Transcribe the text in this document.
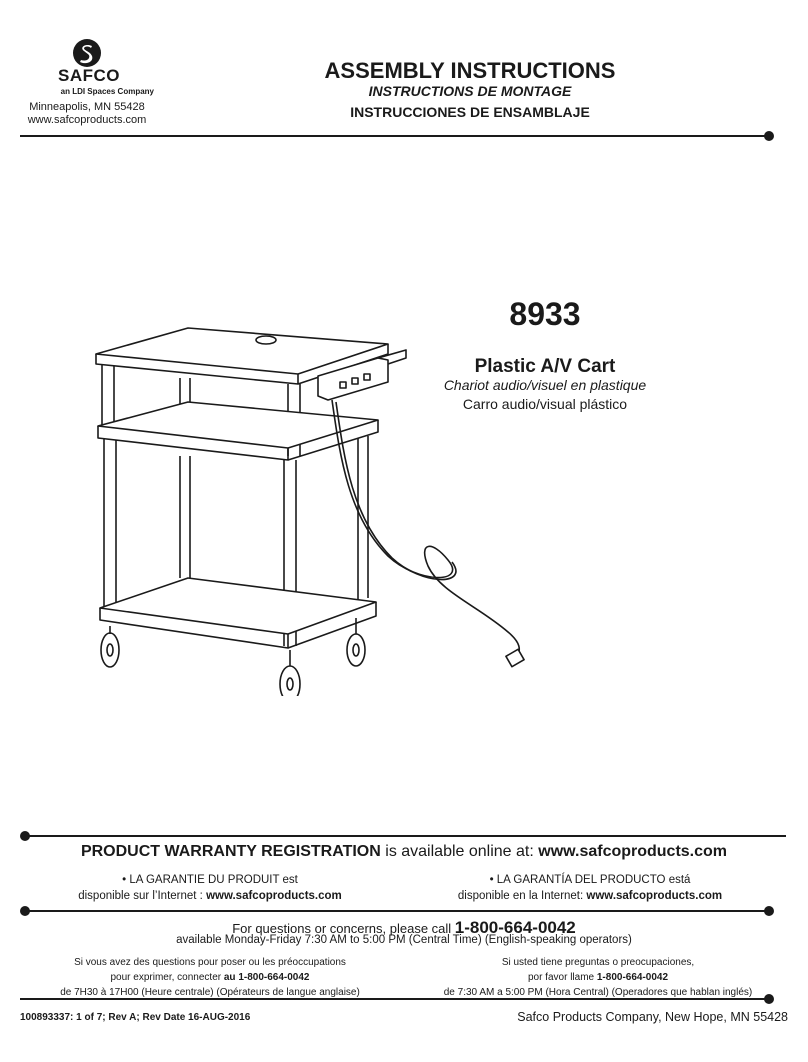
SAFCO
an LDI Spaces Company
Minneapolis, MN 55428
www.safcoproducts.com
ASSEMBLY INSTRUCTIONS
INSTRUCTIONS DE MONTAGE
INSTRUCCIONES DE ENSAMBLAJE
8933
Plastic A/V Cart
Chariot audio/visuel en plastique
Carro audio/visual plástico
PRODUCT WARRANTY REGISTRATION is available online at: www.safcoproducts.com
• LA GARANTIE DU PRODUIT est
disponible sur l’Internet : www.safcoproducts.com
• LA GARANTÍA DEL PRODUCTO está
disponible en la Internet: www.safcoproducts.com
For questions or concerns, please call 1-800-664-0042
available Monday-Friday 7:30 AM to 5:00 PM (Central Time) (English-speaking operators)
Si vous avez des questions pour poser ou les préoccupations
pour exprimer, connecter au 1-800-664-0042
de 7H30 à 17H00 (Heure centrale) (Opérateurs de langue anglaise)
Si usted tiene preguntas o preocupaciones,
por favor llame 1-800-664-0042
de 7:30 AM a 5:00 PM (Hora Central) (Operadores que hablan inglés)
100893337: 1 of 7; Rev A; Rev Date 16-AUG-2016	Safco Products Company, New Hope, MN 55428
